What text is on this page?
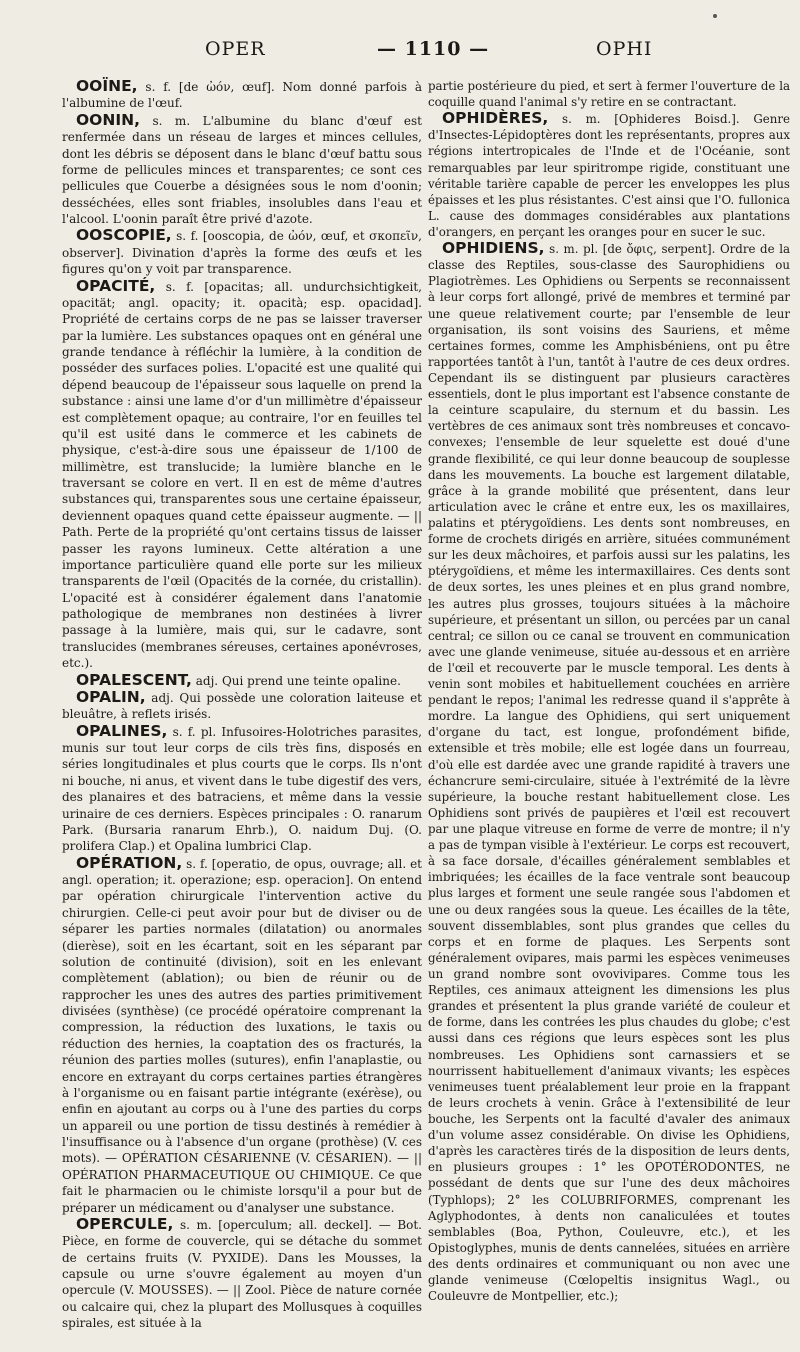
OPER	— 1110 —	OPHI

OOÏNE, s. f. [de ὠόν, œuf]. Nom donné parfois à l'albumine de l'œuf.

OONIN, s. m. L'albumine du blanc d'œuf est renfermée dans un réseau de larges et minces cellules, dont les débris se déposent dans le blanc d'œuf battu sous forme de pellicules minces et transparentes; ce sont ces pellicules que Couerbe a désignées sous le nom d'oonin; desséchées, elles sont friables, insolubles dans l'eau et l'alcool. L'oonin paraît être privé d'azote.

OOSCOPIE, s. f. [ooscopia, de ὠόν, œuf, et σκοπεῖν, observer]. Divination d'après la forme des œufs et les figures qu'on y voit par transparence.

OPACITÉ, s. f. [opacitas; all. undurchsichtigkeit, opacität; angl. opacity; it. opacità; esp. opacidad]. Propriété de certains corps de ne pas se laisser traverser par la lumière. Les substances opaques ont en général une grande tendance à réfléchir la lumière, à la condition de posséder des surfaces polies. L'opacité est une qualité qui dépend beaucoup de l'épaisseur sous laquelle on prend la substance : ainsi une lame d'or d'un millimètre d'épaisseur est complètement opaque; au contraire, l'or en feuilles tel qu'il est usité dans le commerce et les cabinets de physique, c'est-à-dire sous une épaisseur de 1/100 de millimètre, est translucide; la lumière blanche en le traversant se colore en vert. Il en est de même d'autres substances qui, transparentes sous une certaine épaisseur, deviennent opaques quand cette épaisseur augmente. — || Path. Perte de la propriété qu'ont certains tissus de laisser passer les rayons lumineux. Cette altération a une importance particulière quand elle porte sur les milieux transparents de l'œil (Opacités de la cornée, du cristallin). L'opacité est à considérer également dans l'anatomie pathologique de membranes non destinées à livrer passage à la lumière, mais qui, sur le cadavre, sont translucides (membranes séreuses, certaines aponévroses, etc.).

OPALESCENT, adj. Qui prend une teinte opaline.

OPALIN, adj. Qui possède une coloration laiteuse et bleuâtre, à reflets irisés.

OPALINES, s. f. pl. Infusoires-Holotriches parasites, munis sur tout leur corps de cils très fins, disposés en séries longitudinales et plus courts que le corps. Ils n'ont ni bouche, ni anus, et vivent dans le tube digestif des vers, des planaires et des batraciens, et même dans la vessie urinaire de ces derniers. Espèces principales : O. ranarum Park. (Bursaria ranarum Ehrb.), O. naidum Duj. (O. prolifera Clap.) et Opalina lumbrici Clap.

OPÉRATION, s. f. [operatio, de opus, ouvrage; all. et angl. operation; it. operazione; esp. operacion]. On entend par opération chirurgicale l'intervention active du chirurgien. Celle-ci peut avoir pour but de diviser ou de séparer les parties normales (dilatation) ou anormales (dierèse), soit en les écartant, soit en les séparant par solution de continuité (division), soit en les enlevant complètement (ablation); ou bien de réunir ou de rapprocher les unes des autres des parties primitivement divisées (synthèse) (ce procédé opératoire comprenant la compression, la réduction des luxations, le taxis ou réduction des hernies, la coaptation des os fracturés, la réunion des parties molles (sutures), enfin l'anaplastie, ou encore en extrayant du corps certaines parties étrangères à l'organisme ou en faisant partie intégrante (exérèse), ou enfin en ajoutant au corps ou à l'une des parties du corps un appareil ou une portion de tissu destinés à remédier à l'insuffisance ou à l'absence d'un organe (prothèse) (V. ces mots). — OPÉRATION CÉSARIENNE (V. CÉSARIEN). — || OPÉRATION PHARMACEUTIQUE OU CHIMIQUE. Ce que fait le pharmacien ou le chimiste lorsqu'il a pour but de préparer un médicament ou d'analyser une substance.

OPERCULE, s. m. [operculum; all. deckel]. — Bot. Pièce, en forme de couvercle, qui se détache du sommet de certains fruits (V. PYXIDE). Dans les Mousses, la capsule ou urne s'ouvre également au moyen d'un opercule (V. MOUSSES). — || Zool. Pièce de nature cornée ou calcaire qui, chez la plupart des Mollusques à coquilles spirales, est située à la

partie postérieure du pied, et sert à fermer l'ouverture de la coquille quand l'animal s'y retire en se contractant.

OPHIDÈRES, s. m. [Ophideres Boisd.]. Genre d'Insectes-Lépidoptères dont les représentants, propres aux régions intertropicales de l'Inde et de l'Océanie, sont remarquables par leur spiritrompe rigide, constituant une véritable tarière capable de percer les enveloppes les plus épaisses et les plus résistantes. C'est ainsi que l'O. fullonica L. cause des dommages considérables aux plantations d'orangers, en perçant les oranges pour en sucer le suc.

OPHIDIENS, s. m. pl. [de ὄφις, serpent]. Ordre de la classe des Reptiles, sous-classe des Saurophidiens ou Plagiotrèmes. Les Ophidiens ou Serpents se reconnaissent à leur corps fort allongé, privé de membres et terminé par une queue relativement courte; par l'ensemble de leur organisation, ils sont voisins des Sauriens, et même certaines formes, comme les Amphisbéniens, ont pu être rapportées tantôt à l'un, tantôt à l'autre de ces deux ordres. Cependant ils se distinguent par plusieurs caractères essentiels, dont le plus important est l'absence constante de la ceinture scapulaire, du sternum et du bassin. Les vertèbres de ces animaux sont très nombreuses et concavo-convexes; l'ensemble de leur squelette est doué d'une grande flexibilité, ce qui leur donne beaucoup de souplesse dans les mouvements. La bouche est largement dilatable, grâce à la grande mobilité que présentent, dans leur articulation avec le crâne et entre eux, les os maxillaires, palatins et ptérygoïdiens. Les dents sont nombreuses, en forme de crochets dirigés en arrière, situées communément sur les deux mâchoires, et parfois aussi sur les palatins, les ptérygoïdiens, et même les intermaxillaires. Ces dents sont de deux sortes, les unes pleines et en plus grand nombre, les autres plus grosses, toujours situées à la mâchoire supérieure, et présentant un sillon, ou percées par un canal central; ce sillon ou ce canal se trouvent en communication avec une glande venimeuse, située au-dessous et en arrière de l'œil et recouverte par le muscle temporal. Les dents à venin sont mobiles et habituellement couchées en arrière pendant le repos; l'animal les redresse quand il s'apprête à mordre. La langue des Ophidiens, qui sert uniquement d'organe du tact, est longue, profondément bifide, extensible et très mobile; elle est logée dans un fourreau, d'où elle est dardée avec une grande rapidité à travers une échancrure semi-circulaire, située à l'extrémité de la lèvre supérieure, la bouche restant habituellement close. Les Ophidiens sont privés de paupières et l'œil est recouvert par une plaque vitreuse en forme de verre de montre; il n'y a pas de tympan visible à l'extérieur. Le corps est recouvert, à sa face dorsale, d'écailles généralement semblables et imbriquées; les écailles de la face ventrale sont beaucoup plus larges et forment une seule rangée sous l'abdomen et une ou deux rangées sous la queue. Les écailles de la tête, souvent dissemblables, sont plus grandes que celles du corps et en forme de plaques. Les Serpents sont généralement ovipares, mais parmi les espèces venimeuses un grand nombre sont ovovivipares. Comme tous les Reptiles, ces animaux atteignent les dimensions les plus grandes et présentent la plus grande variété de couleur et de forme, dans les contrées les plus chaudes du globe; c'est aussi dans ces régions que leurs espèces sont les plus nombreuses. Les Ophidiens sont carnassiers et se nourrissent habituellement d'animaux vivants; les espèces venimeuses tuent préalablement leur proie en la frappant de leurs crochets à venin. Grâce à l'extensibilité de leur bouche, les Serpents ont la faculté d'avaler des animaux d'un volume assez considérable. On divise les Ophidiens, d'après les caractères tirés de la disposition de leurs dents, en plusieurs groupes : 1° les OPOTÉRODONTES, ne possédant de dents que sur l'une des deux mâchoires (Typhlops); 2° les COLUBRIFORMES, comprenant les Aglyphodontes, à dents non canaliculées et toutes semblables (Boa, Python, Couleuvre, etc.), et les Opistoglyphes, munis de dents cannelées, situées en arrière des dents ordinaires et communiquant ou non avec une glande venimeuse (Cœlopeltis insignitus Wagl., ou Couleuvre de Montpellier, etc.);
